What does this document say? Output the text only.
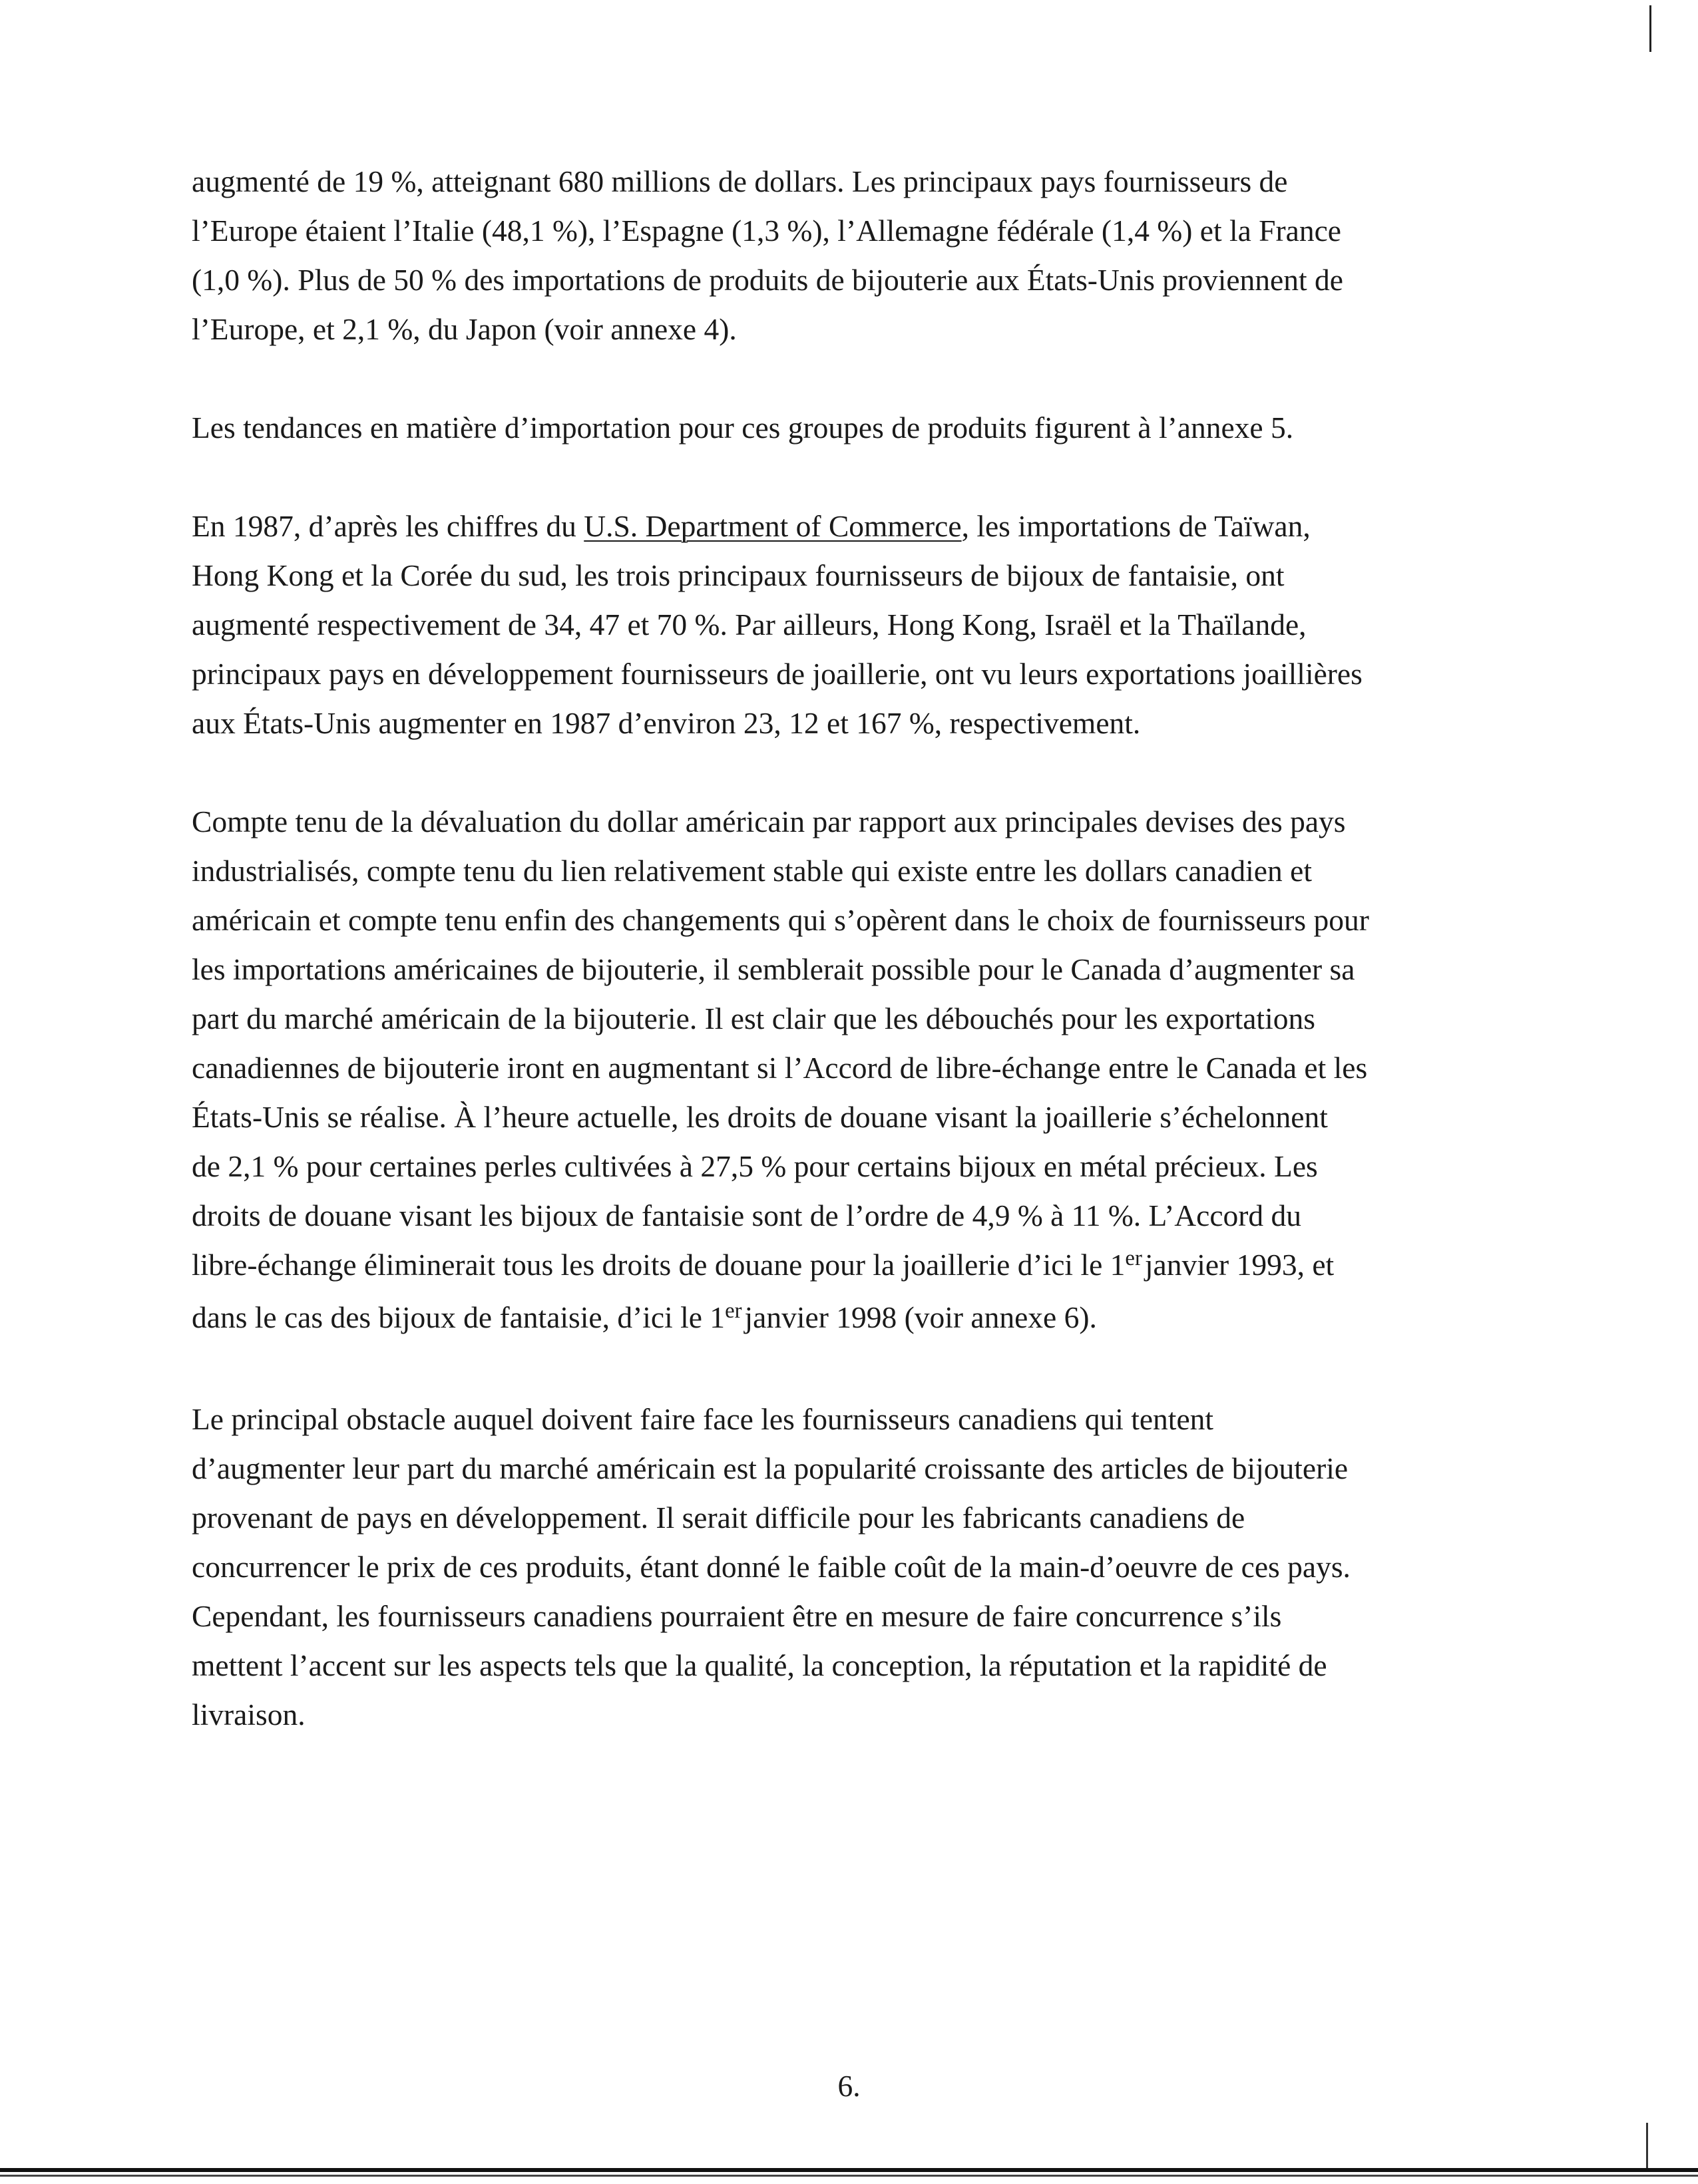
augmenté de 19 %, atteignant 680 millions de dollars. Les principaux pays fournisseurs de
l’Europe étaient l’Italie (48,1 %), l’Espagne (1,3 %), l’Allemagne fédérale (1,4 %) et la France
(1,0 %). Plus de 50 % des importations de produits de bijouterie aux États-Unis proviennent de
l’Europe, et 2,1 %, du Japon (voir annexe 4).

Les tendances en matière d’importation pour ces groupes de produits figurent à l’annexe 5.

En 1987, d’après les chiffres du U.S. Department of Commerce, les importations de Taïwan,
Hong Kong et la Corée du sud, les trois principaux fournisseurs de bijoux de fantaisie, ont
augmenté respectivement de 34, 47 et 70 %. Par ailleurs, Hong Kong, Israël et la Thaïlande,
principaux pays en développement fournisseurs de joaillerie, ont vu leurs exportations joaillières
aux États-Unis augmenter en 1987 d’environ 23, 12 et 167 %, respectivement.

Compte tenu de la dévaluation du dollar américain par rapport aux principales devises des pays
industrialisés, compte tenu du lien relativement stable qui existe entre les dollars canadien et
américain et compte tenu enfin des changements qui s’opèrent dans le choix de fournisseurs pour
les importations américaines de bijouterie, il semblerait possible pour le Canada d’augmenter sa
part du marché américain de la bijouterie. Il est clair que les débouchés pour les exportations
canadiennes de bijouterie iront en augmentant si l’Accord de libre-échange entre le Canada et les
États-Unis se réalise. À l’heure actuelle, les droits de douane visant la joaillerie s’échelonnent
de 2,1 % pour certaines perles cultivées à 27,5 % pour certains bijoux en métal précieux. Les
droits de douane visant les bijoux de fantaisie sont de l’ordre de 4,9 % à 11 %. L’Accord du
libre-échange éliminerait tous les droits de douane pour la joaillerie d’ici le 1erjanvier 1993, et
dans le cas des bijoux de fantaisie, d’ici le 1erjanvier 1998 (voir annexe 6).

Le principal obstacle auquel doivent faire face les fournisseurs canadiens qui tentent
d’augmenter leur part du marché américain est la popularité croissante des articles de bijouterie
provenant de pays en développement. Il serait difficile pour les fabricants canadiens de
concurrencer le prix de ces produits, étant donné le faible coût de la main-d’oeuvre de ces pays.
Cependant, les fournisseurs canadiens pourraient être en mesure de faire concurrence s’ils
mettent l’accent sur les aspects tels que la qualité, la conception, la réputation et la rapidité de
livraison.

6.
